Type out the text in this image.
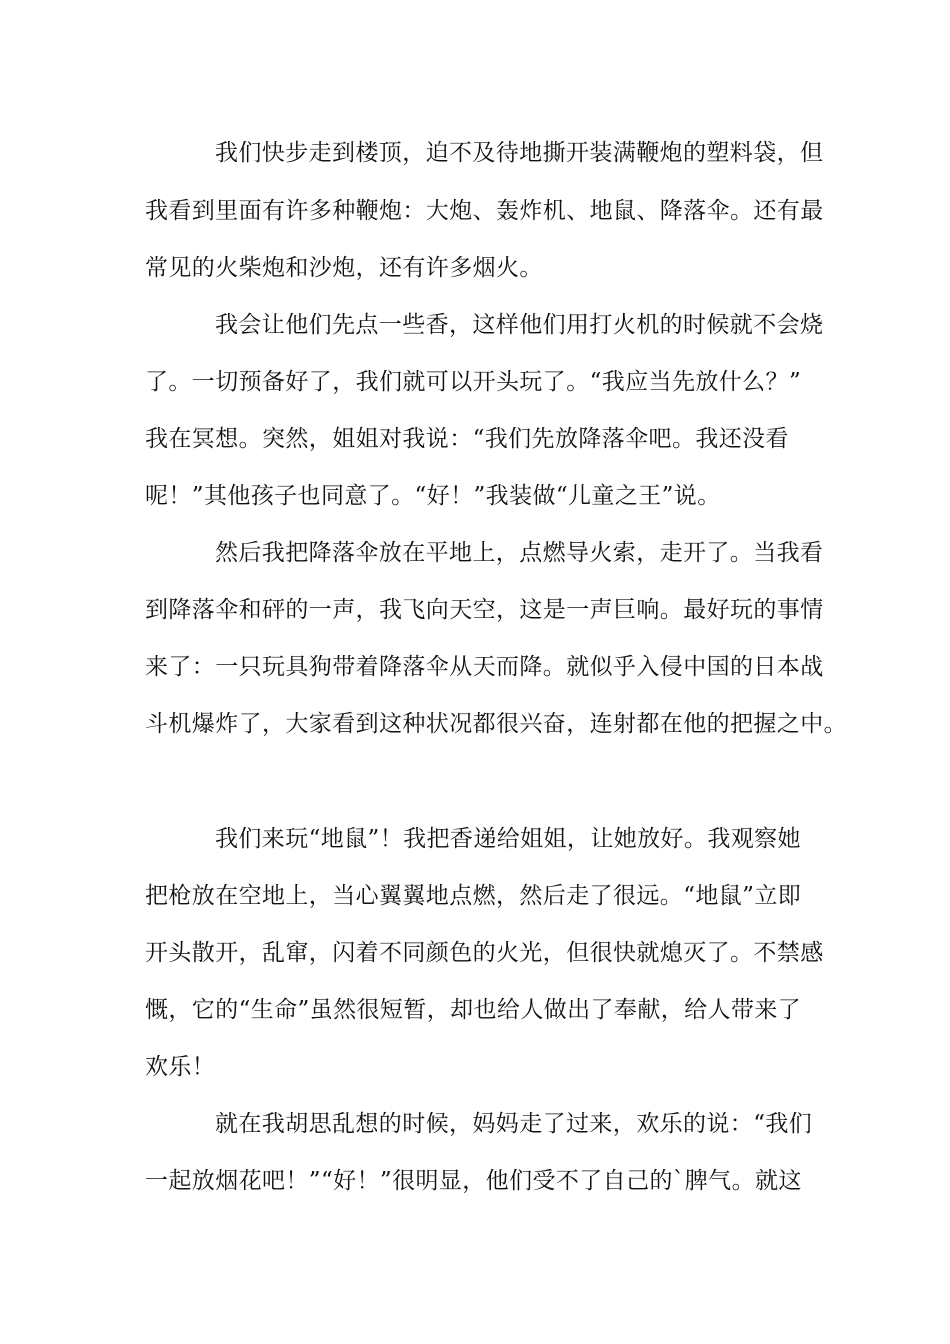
我们快步走到楼顶，迫不及待地撕开装满鞭炮的塑料袋，但
我看到里面有许多种鞭炮：大炮、轰炸机、地鼠、降落伞。还有最
常见的火柴炮和沙炮，还有许多烟火。
我会让他们先点一些香，这样他们用打火机的时候就不会烧
了。一切预备好了，我们就可以开头玩了。“我应当先放什么？”
我在冥想。突然，姐姐对我说：“我们先放降落伞吧。我还没看
呢！”其他孩子也同意了。“好！”我装做“儿童之王”说。
然后我把降落伞放在平地上，点燃导火索，走开了。当我看
到降落伞和砰的一声，我飞向天空，这是一声巨响。最好玩的事情
来了：一只玩具狗带着降落伞从天而降。就似乎入侵中国的日本战
斗机爆炸了，大家看到这种状况都很兴奋，连射都在他的把握之中。
我们来玩“地鼠”！我把香递给姐姐，让她放好。我观察她
把枪放在空地上，当心翼翼地点燃，然后走了很远。“地鼠”立即
开头散开，乱窜，闪着不同颜色的火光，但很快就熄灭了。不禁感
慨，它的“生命”虽然很短暂，却也给人做出了奉献，给人带来了
欢乐！
就在我胡思乱想的时候，妈妈走了过来，欢乐的说：“我们
一起放烟花吧！”“好！”很明显，他们受不了自己的`脾气。就这
